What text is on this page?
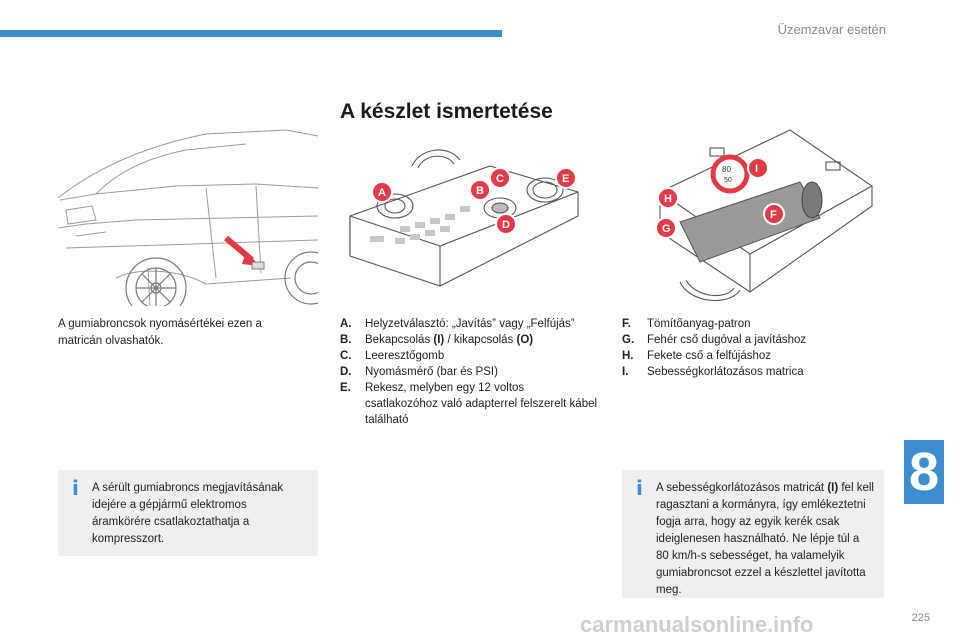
Üzemzavar esetén
A készlet ismertetése
A	B
C
D
E
80
50
I
H
F
G
A gumiabroncsok nyomásértékei ezen a matricán olvashatók.
A.	Helyzetválasztó: „Javítás” vagy „Felfújás”
B.	Bekapcsolás (I) / kikapcsolás (O)
C.	Leeresztőgomb
D.	Nyomásmérő (bar és PSI)
E.	Rekesz, melyben egy 12 voltos csatlakozóhoz való adapterrel felszerelt kábel található
F.	Tömítőanyag-patron
G.	Fehér cső dugóval a javításhoz
H.	Fekete cső a felfújáshoz
I.	Sebességkorlátozásos matrica
i A sérült gumiabroncs megjavításának idejére a gépjármű elektromos áramkörére csatlakoztathatja a kompresszort.
i A sebességkorlátozásos matricát (I) fel kell ragasztani a kormányra, így emlékeztetni fogja arra, hogy az egyik kerék csak ideiglenesen használható. Ne lépje túl a 80 km/h-s sebességet, ha valamelyik gumiabroncsot ezzel a készlettel javította meg.
8
carmanualsonline.info	225
